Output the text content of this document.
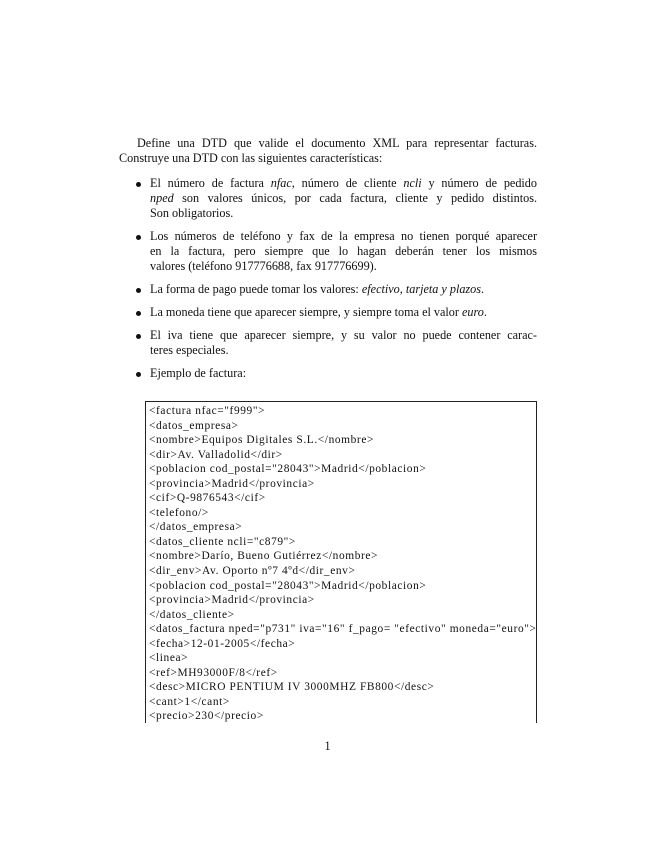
Define una DTD que valide el documento XML para representar facturas. Construye una DTD con las siguientes características:

El número de factura nfac, número de cliente ncli y número de pedido
nped son valores únicos, por cada factura, cliente y pedido distintos.
Son obligatorios.
Los números de teléfono y fax de la empresa no tienen porqué aparecer
en la factura, pero siempre que lo hagan deberán tener los mismos
valores (teléfono 917776688, fax 917776699).
La forma de pago puede tomar los valores: efectivo, tarjeta y plazos.
La moneda tiene que aparecer siempre, y siempre toma el valor euro.
El iva tiene que aparecer siempre, y su valor no puede contener carac-
teres especiales.
Ejemplo de factura:
<factura nfac="f999">
<datos_empresa>
<nombre>Equipos Digitales S.L.</nombre>
<dir>Av. Valladolid</dir>
<poblacion cod_postal="28043">Madrid</poblacion>
<provincia>Madrid</provincia>
<cif>Q-9876543</cif>
<telefono/>
</datos_empresa>
<datos_cliente ncli="c879">
<nombre>Darío, Bueno Gutiérrez</nombre>
<dir_env>Av. Oporto nº7 4ºd</dir_env>
<poblacion cod_postal="28043">Madrid</poblacion>
<provincia>Madrid</provincia>
</datos_cliente>
<datos_factura nped="p731" iva="16" f_pago= "efectivo" moneda="euro">
<fecha>12-01-2005</fecha>
<linea>
<ref>MH93000F/8</ref>
<desc>MICRO PENTIUM IV 3000MHZ FB800</desc>
<cant>1</cant>
<precio>230</precio>
1
